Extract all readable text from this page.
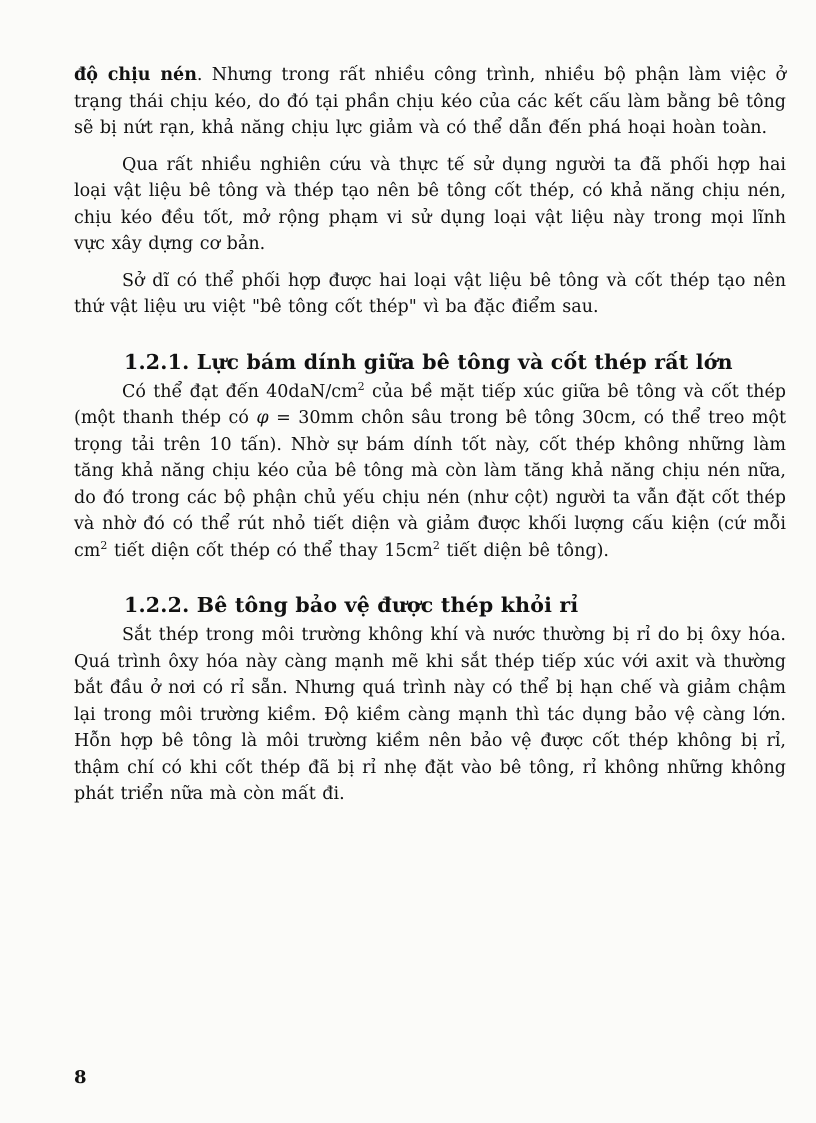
độ chịu nén. Nhưng trong rất nhiều công trình, nhiều bộ phận làm việc ở trạng thái chịu kéo, do đó tại phần chịu kéo của các kết cấu làm bằng bê tông sẽ bị nứt rạn, khả năng chịu lực giảm và có thể dẫn đến phá hoại hoàn toàn.

Qua rất nhiều nghiên cứu và thực tế sử dụng người ta đã phối hợp hai loại vật liệu bê tông và thép tạo nên bê tông cốt thép, có khả năng chịu nén, chịu kéo đều tốt, mở rộng phạm vi sử dụng loại vật liệu này trong mọi lĩnh vực xây dựng cơ bản.

Sở dĩ có thể phối hợp được hai loại vật liệu bê tông và cốt thép tạo nên thứ vật liệu ưu việt "bê tông cốt thép" vì ba đặc điểm sau.

1.2.1. Lực bám dính giữa bê tông và cốt thép rất lớn

Có thể đạt đến $40daN/cm^2$ của bề mặt tiếp xúc giữa bê tông và cốt thép (một thanh thép có φ = 30mm chôn sâu trong bê tông 30cm, có thể treo một trọng tải trên 10 tấn). Nhờ sự bám dính tốt này, cốt thép không những làm tăng khả năng chịu kéo của bê tông mà còn làm tăng khả năng chịu nén nữa, do đó trong các bộ phận chủ yếu chịu nén (như cột) người ta vẫn đặt cốt thép và nhờ đó có thể rút nhỏ tiết diện và giảm được khối lượng cấu kiện (cứ mỗi $cm^2$ tiết diện cốt thép có thể thay $15cm^2$ tiết diện bê tông).

1.2.2. Bê tông bảo vệ được thép khỏi rỉ

Sắt thép trong môi trường không khí và nước thường bị rỉ do bị ôxy hóa. Quá trình ôxy hóa này càng mạnh mẽ khi sắt thép tiếp xúc với axit và thường bắt đầu ở nơi có rỉ sẵn. Nhưng quá trình này có thể bị hạn chế và giảm chậm lại trong môi trường kiềm. Độ kiềm càng mạnh thì tác dụng bảo vệ càng lớn. Hỗn hợp bê tông là môi trường kiềm nên bảo vệ được cốt thép không bị rỉ, thậm chí có khi cốt thép đã bị rỉ nhẹ đặt vào bê tông, rỉ không những không phát triển nữa mà còn mất đi.

8
